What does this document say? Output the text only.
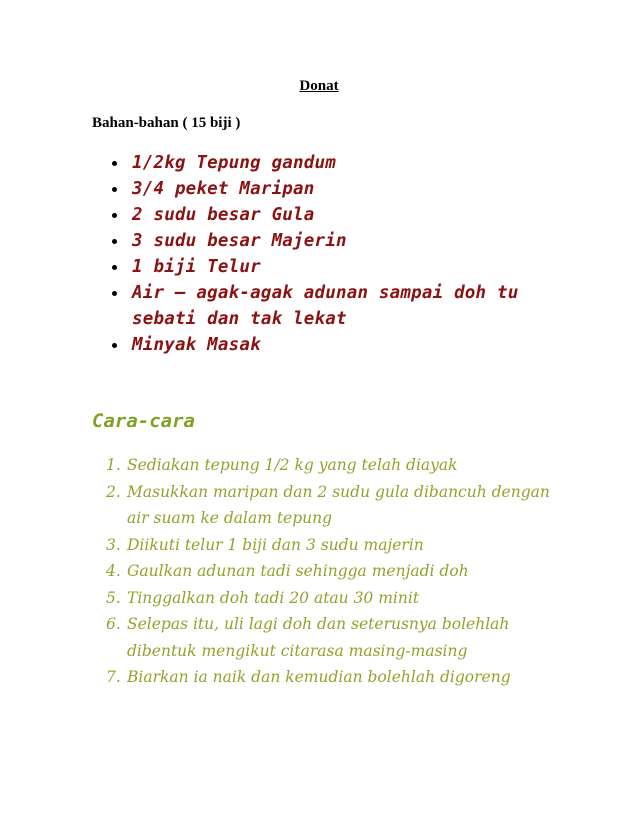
Donat
Bahan-bahan ( 15 biji )
1/2kg Tepung gandum
3/4 peket Maripan
2 sudu besar Gula
3 sudu besar Majerin
1 biji Telur
Air – agak-agak adunan sampai doh tu sebati dan tak lekat
Minyak Masak
Cara-cara
1. Sediakan tepung 1/2 kg yang telah diayak
2. Masukkan maripan dan 2 sudu gula dibancuh dengan air suam ke dalam tepung
3. Diikuti telur 1 biji dan 3 sudu majerin
4. Gaulkan adunan tadi sehingga menjadi doh
5. Tinggalkan doh tadi 20 atau 30 minit
6. Selepas itu, uli lagi doh dan seterusnya bolehlah dibentuk mengikut citarasa masing-masing
7. Biarkan ia naik dan kemudian bolehlah digoreng
